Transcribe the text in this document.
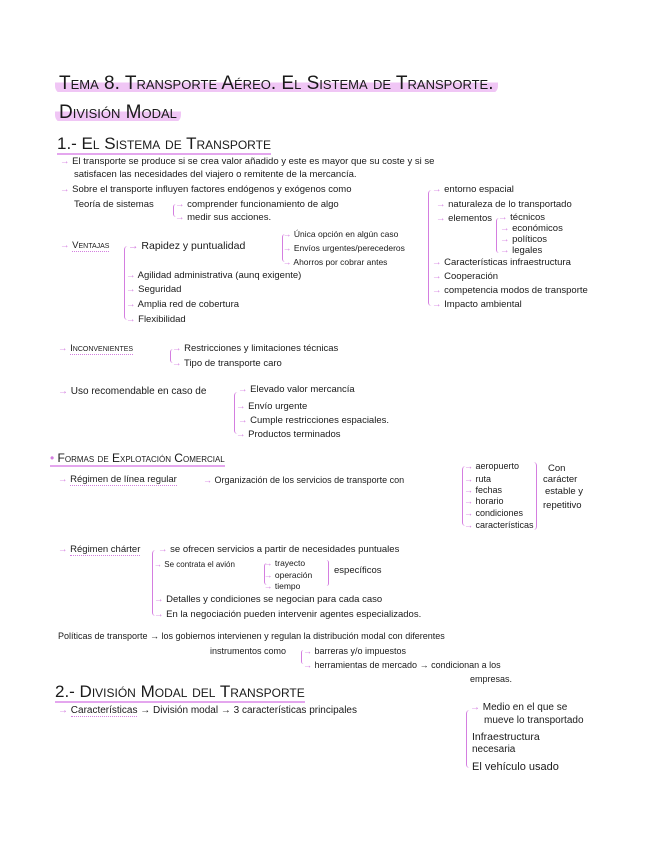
Tema 8. Transporte Aéreo. El Sistema de Transporte.
División Modal
1.- El Sistema de Transporte
→ El transporte se produce si se crea valor añadido y este es mayor que su coste y si se
satisfacen las necesidades del viajero o remitente de la mercancía.
→ Sobre el transporte influyen factores endógenos y exógenos como	→ entorno espacial
→ naturaleza de lo transportado
→ elementos	→ técnicos
→ económicos
→ políticos
→ legales
→ Características infraestructura
→ Cooperación
→ competencia modos de transporte
→ Impacto ambiental
Teoría de sistemas	→ comprender funcionamiento de algo
→ medir sus acciones.
→ Ventajas	→ Rapidez y puntualidad
→ Única opción en algún caso
→ Envíos urgentes/perecederos
→ Ahorros por cobrar antes
→ Agilidad administrativa (aunq exigente)
→ Seguridad
→ Amplia red de cobertura
→ Flexibilidad
→ Inconvenientes	→ Restricciones y limitaciones técnicas
→ Tipo de transporte caro
→ Uso recomendable en caso de	→ Elevado valor mercancía
→ Envío urgente
→ Cumple restricciones espaciales.
→ Productos terminados
• Formas de Explotación Comercial
→ Régimen de línea regular	→ Organización de los servicios de transporte con
→ aeropuerto
→ ruta
→ fechas
→ horario
→ condiciones
→ características
Con
carácter
estable y
repetitivo
→ Régimen chárter	→ se ofrecen servicios a partir de necesidades puntuales
→ Se contrata el avión	→ trayecto
→ operación
→ tiempo
específicos
→ Detalles y condiciones se negocian para cada caso
→ En la negociación pueden intervenir agentes especializados.
Políticas de transporte → los gobiernos intervienen y regulan la distribución modal con diferentes
instrumentos como	→ barreras y/o impuestos
→ herramientas de mercado → condicionan a los
empresas.
2.- División Modal del Transporte
→ Características → División modal → 3 características principales	→ Medio en el que se
mueve lo transportado
Infraestructura
necesaria
El vehículo usado
